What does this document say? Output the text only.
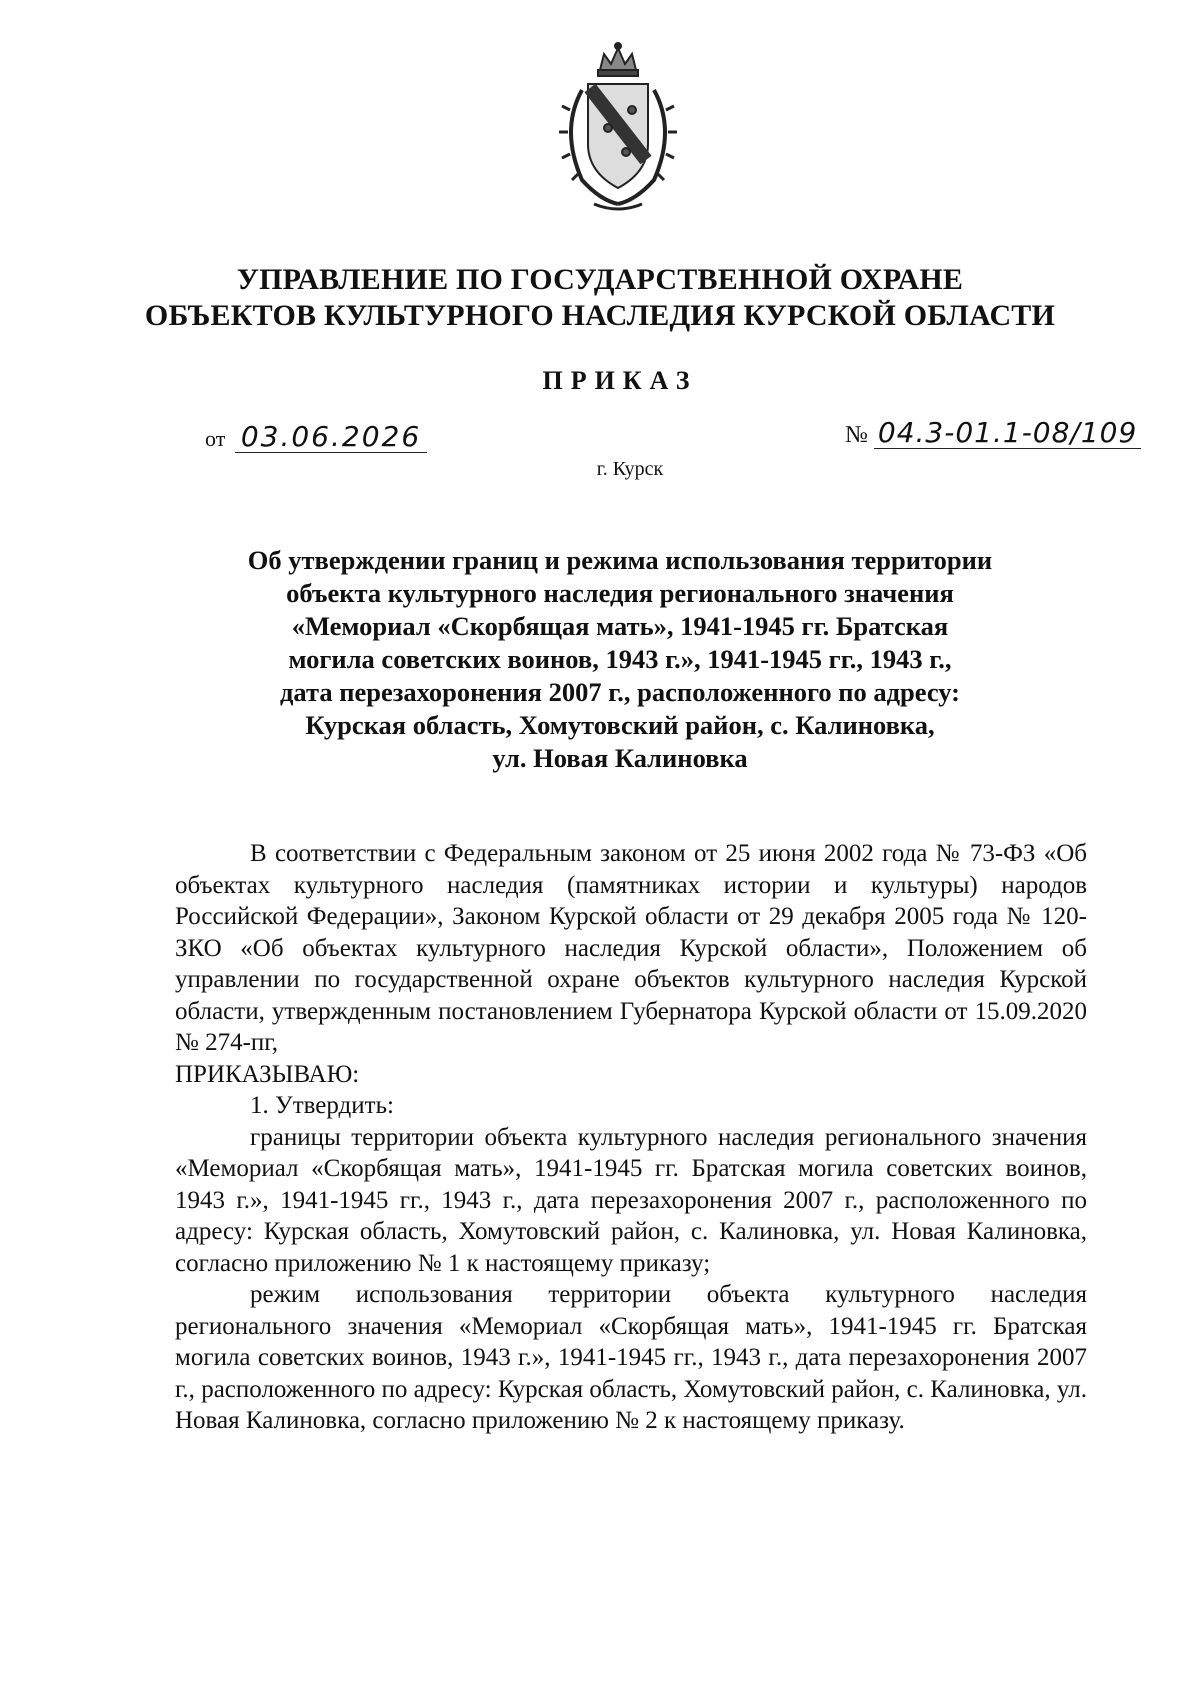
УПРАВЛЕНИЕ ПО ГОСУДАРСТВЕННОЙ ОХРАНЕ
ОБЪЕКТОВ КУЛЬТУРНОГО НАСЛЕДИЯ КУРСКОЙ ОБЛАСТИ
ПРИКАЗ
от 03.06.2026	№ 04.3-01.1-08/109
г. Курск
Об утверждении границ и режима использования территории
объекта культурного наследия регионального значения
«Мемориал «Скорбящая мать», 1941-1945 гг. Братская
могила советских воинов, 1943 г.», 1941-1945 гг., 1943 г.,
дата перезахоронения 2007 г., расположенного по адресу:
Курская область, Хомутовский район, с. Калиновка,
ул. Новая Калиновка

В соответствии с Федеральным законом от 25 июня 2002 года № 73-ФЗ «Об объектах культурного наследия (памятниках истории и культуры) народов Российской Федерации», Законом Курской области от 29 декабря 2005 года № 120-ЗКО «Об объектах культурного наследия Курской области», Положением об управлении по государственной охране объектов культурного наследия Курской области, утвержденным постановлением Губернатора Курской области от 15.09.2020 № 274-пг,

ПРИКАЗЫВАЮ:

1. Утвердить:

границы территории объекта культурного наследия регионального значения «Мемориал «Скорбящая мать», 1941-1945 гг. Братская могила советских воинов, 1943 г.», 1941-1945 гг., 1943 г., дата перезахоронения 2007 г., расположенного по адресу: Курская область, Хомутовский район, с. Калиновка, ул. Новая Калиновка, согласно приложению № 1 к настоящему приказу;

режим использования территории объекта культурного наследия регионального значения «Мемориал «Скорбящая мать», 1941-1945 гг. Братская могила советских воинов, 1943 г.», 1941-1945 гг., 1943 г., дата перезахоронения 2007 г., расположенного по адресу: Курская область, Хомутовский район, с. Калиновка, ул. Новая Калиновка, согласно приложению № 2 к настоящему приказу.
